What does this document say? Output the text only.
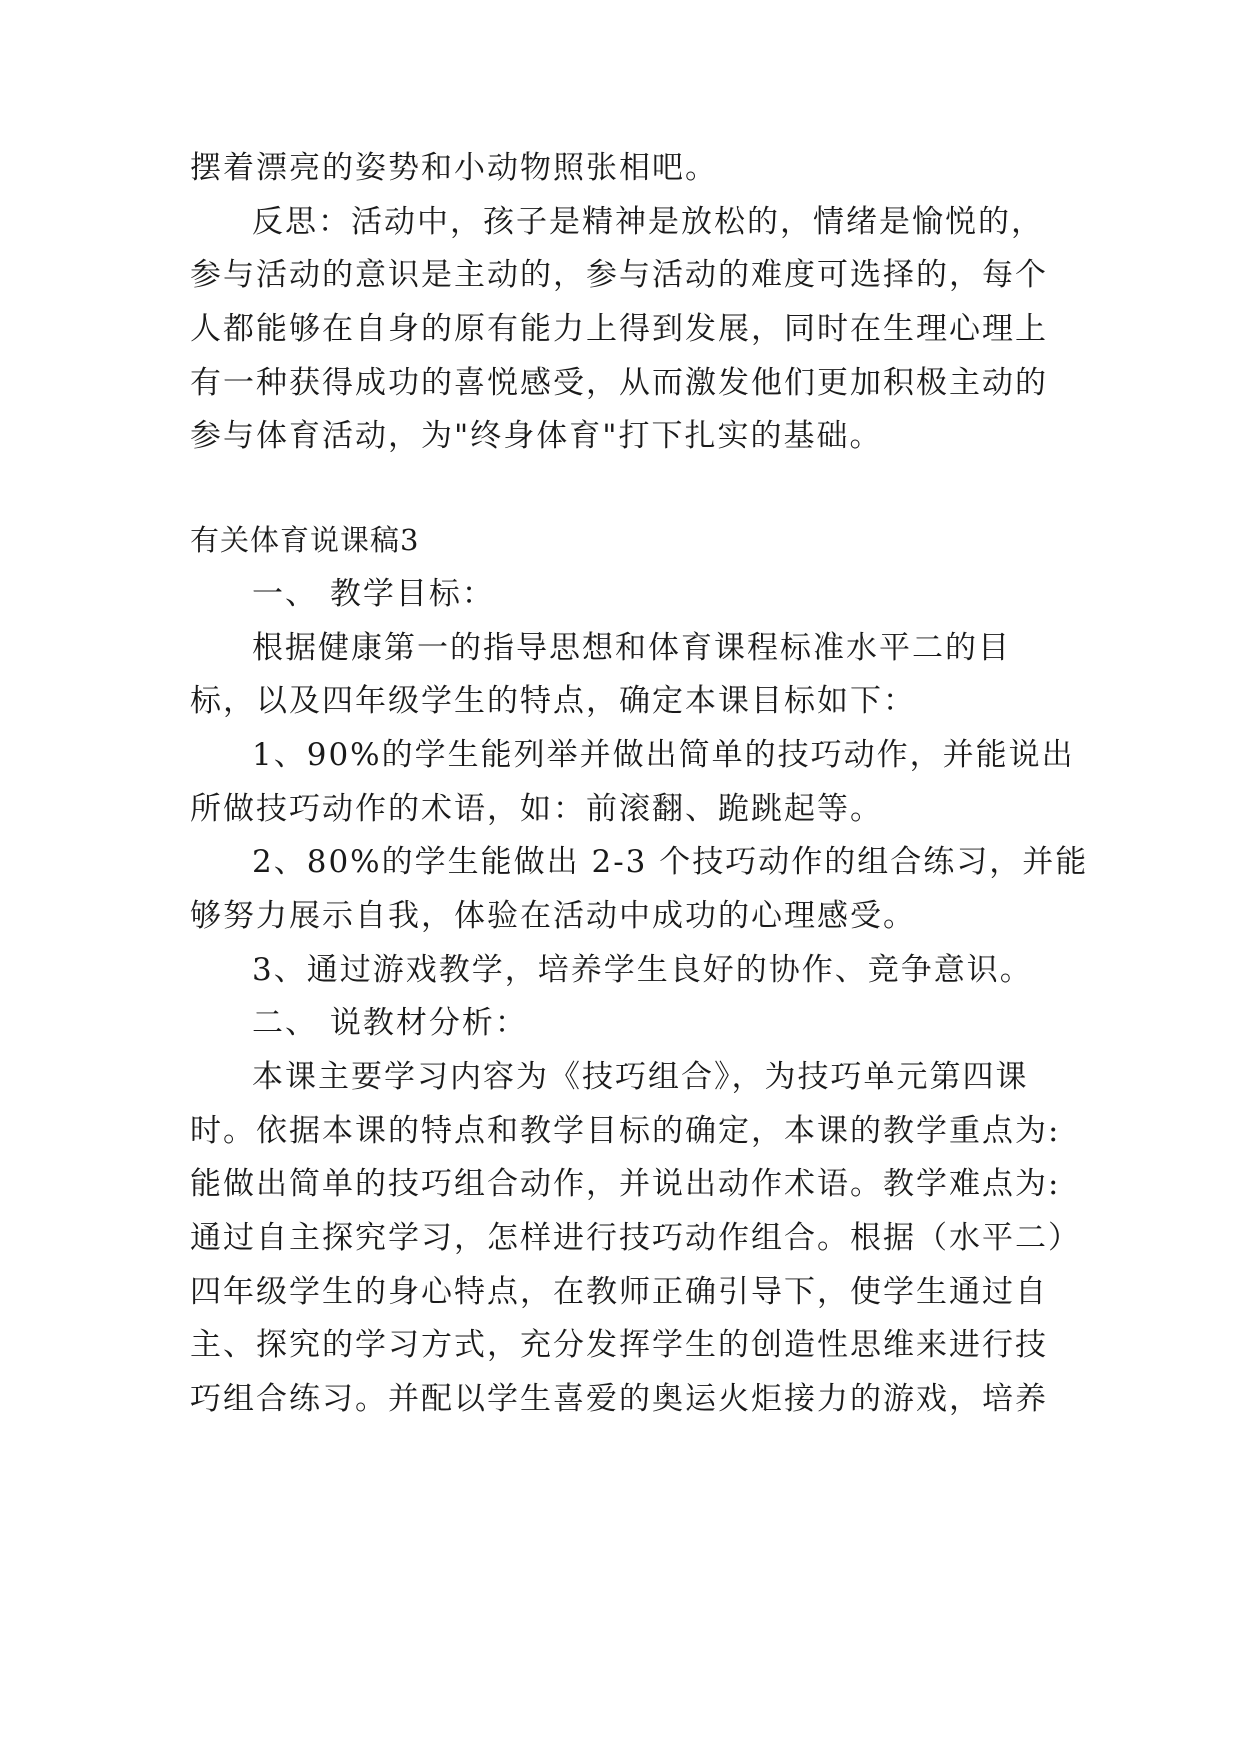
摆着漂亮的姿势和小动物照张相吧。
反思：活动中，孩子是精神是放松的，情绪是愉悦的，
参与活动的意识是主动的，参与活动的难度可选择的，每个
人都能够在自身的原有能力上得到发展，同时在生理心理上
有一种获得成功的喜悦感受，从而激发他们更加积极主动的
参与体育活动，为"终身体育"打下扎实的基础。
有关体育说课稿3
一、 教学目标：
根据健康第一的指导思想和体育课程标准水平二的目
标，以及四年级学生的特点，确定本课目标如下：
1、90%的学生能列举并做出简单的技巧动作，并能说出
所做技巧动作的术语，如：前滚翻、跪跳起等。
2、80%的学生能做出 2-3 个技巧动作的组合练习，并能
够努力展示自我，体验在活动中成功的心理感受。
3、通过游戏教学，培养学生良好的协作、竞争意识。
二、 说教材分析：
本课主要学习内容为《技巧组合》，为技巧单元第四课
时。依据本课的特点和教学目标的确定，本课的教学重点为:
能做出简单的技巧组合动作，并说出动作术语。教学难点为:
通过自主探究学习，怎样进行技巧动作组合。根据（水平二）
四年级学生的身心特点，在教师正确引导下，使学生通过自
主、探究的学习方式，充分发挥学生的创造性思维来进行技
巧组合练习。并配以学生喜爱的奥运火炬接力的游戏，培养
